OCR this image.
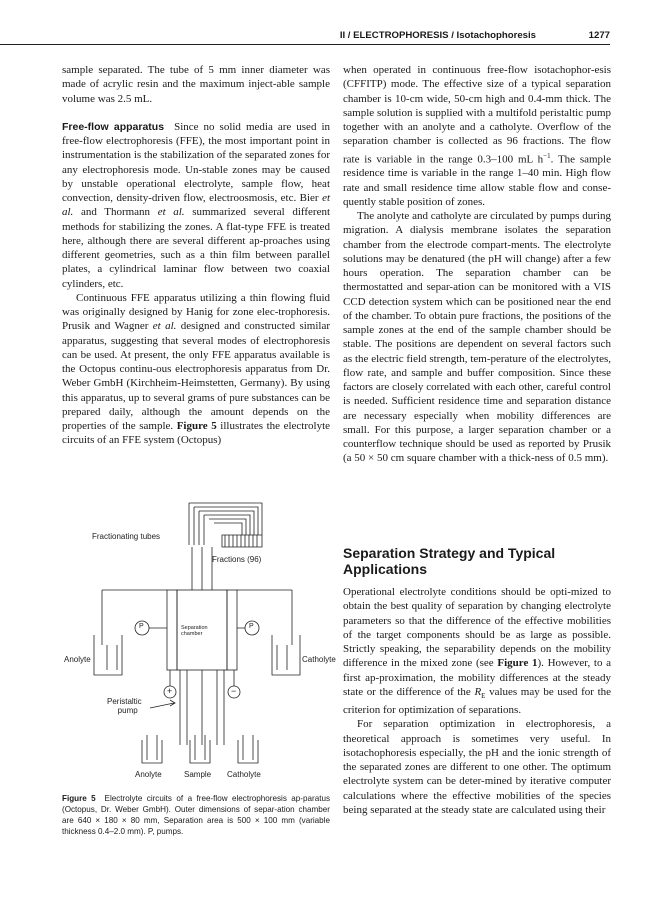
II / ELECTROPHORESIS / Isotachophoresis	1277

sample separated. The tube of 5 mm inner diameter was made of acrylic resin and the maximum inject-able sample volume was 2.5 mL.

Free-flow apparatus Since no solid media are used in free-flow electrophoresis (FFE), the most important point in instrumentation is the stabilization of the separated zones for any electrophoresis mode. Un-stable zones may be caused by unstable operational electrolyte, sample flow, heat convection, density-driven flow, electroosmosis, etc. Bier et al. and Thormann et al. summarized several different methods for stabilizing the zones. A flat-type FFE is treated here, although there are several different ap-proaches using different geometries, such as a thin film between parallel plates, a cylindrical laminar flow between two coaxial cylinders, etc.

Continuous FFE apparatus utilizing a thin flowing fluid was originally designed by Hanig for zone elec-trophoresis. Prusik and Wagner et al. designed and constructed similar apparatus, suggesting that several modes of electrophoresis can be used. At present, the only FFE apparatus available is the Octopus continu-ous electrophoresis apparatus from Dr. Weber GmbH (Kirchheim-Heimstetten, Germany). By using this apparatus, up to several grams of pure substances can be prepared daily, although the amount depends on the properties of the sample. Figure 5 illustrates the electrolyte circuits of an FFE system (Octopus)

when operated in continuous free-flow isotachophor-esis (CFFITP) mode. The effective size of a typical separation chamber is 10-cm wide, 50-cm high and 0.4-mm thick. The sample solution is supplied with a multifold peristaltic pump together with an anolyte and a catholyte. Overflow of the separation chamber is collected as 96 fractions. The flow rate is variable in the range 0.3–100 mL $h^{-1}$. The sample residence time is variable in the range 1–40 min. High flow rate and small residence time allow stable flow and conse-quently stable position of zones.

The anolyte and catholyte are circulated by pumps during migration. A dialysis membrane isolates the separation chamber from the electrode compart-ments. The electrolyte solutions may be denatured (the pH will change) after a few hours operation. The separation chamber can be thermostatted and separ-ation can be monitored with a VIS CCD detection system which can be positioned near the end of the chamber. To obtain pure fractions, the positions of the sample zones at the end of the sample chamber should be stable. The positions are dependent on several factors such as the electric field strength, tem-perature of the electrolytes, flow rate, and sample and buffer composition. Since these factors are closely correlated with each other, careful control is needed. Sufficient residence time and separation distance are necessary especially when mobility differences are small. For this purpose, a larger separation chamber or a counterflow technique should be used as reported by Prusik (a 50 × 50 cm square chamber with a thick-ness of 0.5 mm).

Separation Strategy and Typical Applications

Operational electrolyte conditions should be opti-mized to obtain the best quality of separation by changing electrolyte parameters so that the difference of the effective mobilities of the target components should be as large as possible. Strictly speaking, the separability depends on the mobility difference in the mixed zone (see Figure 1). However, to a first ap-proximation, the mobility differences at the steady state or the difference of the $R_E$ values may be used for the criterion for optimization of separations.

For separation optimization in electrophoresis, a theoretical approach is sometimes very useful. In isotachophoresis especially, the pH and the ionic strength of the separated zones are different to one other. The optimum electrolyte system can be deter-mined by iterative computer calculations where the effective mobilities of the species being separated at the steady state are calculated using their

Fractionating tubes
Fractions (96)
Separation
chamber
P	P
Anolyte	Catholyte
+	−
Peristaltic
pump
Anolyte	Sample Catholyte
Figure 5 Electrolyte circuits of a free-flow electrophoresis ap-paratus (Octopus, Dr. Weber GmbH). Outer dimensions of separ-ation chamber are 640 × 180 × 80 mm, Separation area is 500 × 100 mm (variable thickness 0.4–2.0 mm). P, pumps.
